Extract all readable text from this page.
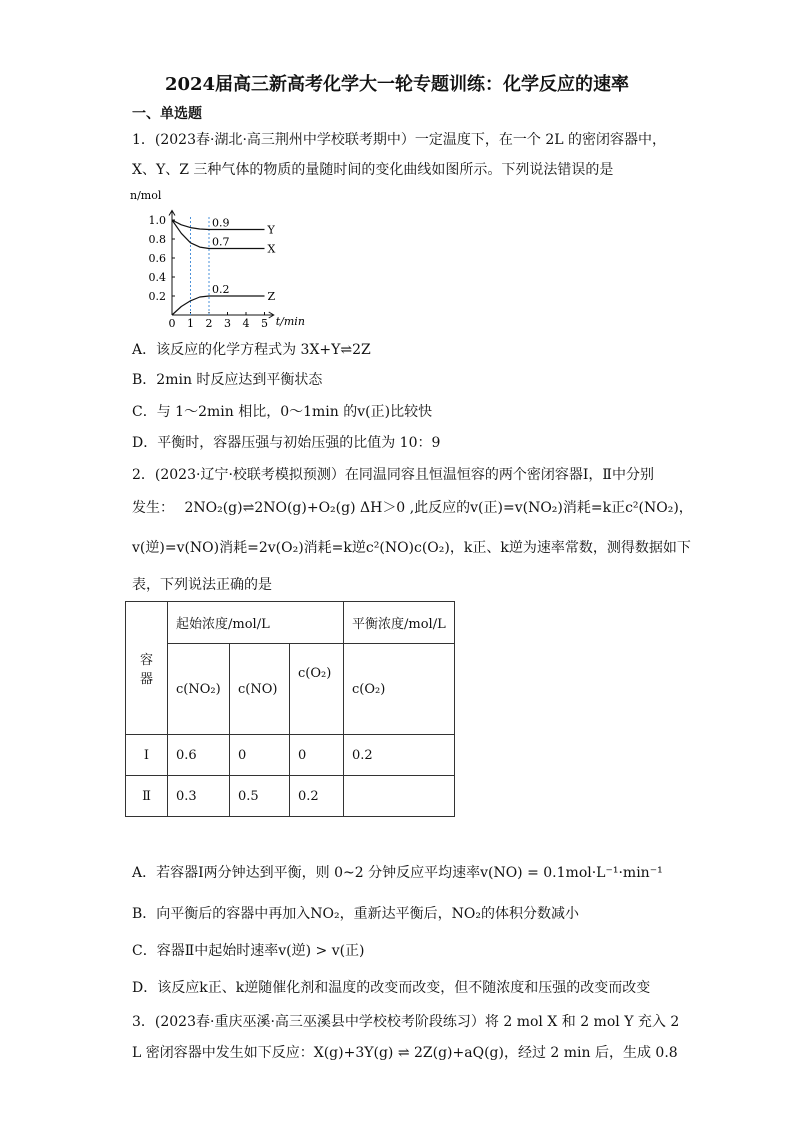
2024届高三新高考化学大一轮专题训练：化学反应的速率
一、单选题
1．(2023春·湖北·高三荆州中学校联考期中）一定温度下，在一个 2L 的密闭容器中，
X、Y、Z 三种气体的物质的量随时间的变化曲线如图所示。下列说法错误的是
n/mol
t/min
0 1 2 3 4 5
0.2
0.4
0.6
0.8
1.0
Y
0.9
X
0.7
Z
0.2
A．该反应的化学方程式为 3X+Y⇌2Z
B．2min 时反应达到平衡状态
C．与 1～2min 相比，0～1min 的v(正)比较快
D．平衡时，容器压强与初始压强的比值为 10：9
2．(2023·辽宁·校联考模拟预测）在同温同容且恒温恒容的两个密闭容器Ⅰ，Ⅱ中分别
发生： 2NO₂(g)⇌2NO(g)+O₂(g) ΔH＞0 ,此反应的v(正)=v(NO₂)消耗=k正c²(NO₂)，
v(逆)=v(NO)消耗=2v(O₂)消耗=k逆c²(NO)c(O₂)，k正、k逆为速率常数，测得数据如下
表，下列说法正确的是
容器	起始浓度/mol/L			平衡浓度/mol/L
	c(NO₂)	c(NO)	c(O₂)	c(O₂)
Ⅰ	0.6	0	0	0.2
Ⅱ	0.3	0.5	0.2	
A．若容器Ⅰ两分钟达到平衡，则 0~2 分钟反应平均速率v(NO) = 0.1mol·L⁻¹·min⁻¹
B．向平衡后的容器中再加入NO₂，重新达平衡后，NO₂的体积分数减小
C．容器Ⅱ中起始时速率v(逆) > v(正)
D．该反应k正、k逆随催化剂和温度的改变而改变，但不随浓度和压强的改变而改变
3．(2023春·重庆巫溪·高三巫溪县中学校校考阶段练习）将 2 mol X 和 2 mol Y 充入 2
L 密闭容器中发生如下反应：X(g)+3Y(g) ⇌ 2Z(g)+aQ(g)，经过 2 min 后，生成 0.8
